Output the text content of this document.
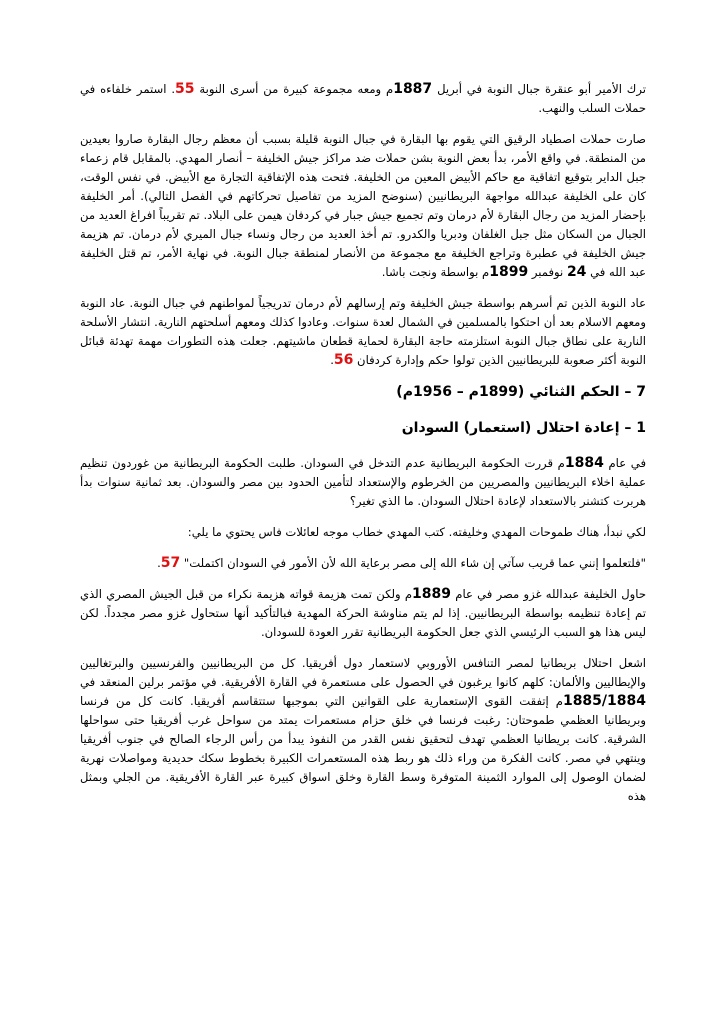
ترك الأمير أبو عنقرة جبال النوبة في أبريل 1887م ومعه مجموعة كبيرة من أسرى النوبة 55. استمر خلفاءه في حملات السلب والنهب.

صارت حملات اصطياد الرقيق التي يقوم بها البقارة في جبال النوبة قليلة بسبب أن معظم رجال البقارة صاروا بعيدين من المنطقة. في واقع الأمر، بدأ بعض النوبة بشن حملات ضد مراكز جيش الخليفة – أنصار المهدي. بالمقابل قام زعماء جبل الداير بتوقيع اتفاقية مع حاكم الأبيض المعين من الخليفة. فتحت هذه الإتفاقية التجارة مع الأبيض. في نفس الوقت، كان على الخليفة عبدالله مواجهة البريطانيين (سنوضح المزيد من تفاصيل تحركاتهم في الفصل التالي). أمر الخليفة بإحضار المزيد من رجال البقارة لأم درمان وتم تجميع جيش جبار في كردفان هيمن على البلاد. تم تقريباً افراغ العديد من الجبال من السكان مثل جبل الغلفان ودبريا والكدرو. تم أخذ العديد من رجال ونساء جبال الميري لأم درمان. تم هزيمة جيش الخليفة في عطبرة وتراجع الخليفة مع مجموعة من الأنصار لمنطقة جبال النوبة. في نهاية الأمر، تم قتل الخليفة عبد الله في 24 نوفمبر 1899م بواسطة ونجت باشا.

عاد النوبة الذين تم أسرهم بواسطة جيش الخليفة وتم إرسالهم لأم درمان تدريجياً لمواطنهم في جبال النوبة. عاد النوبة ومعهم الاسلام بعد أن احتكوا بالمسلمين في الشمال لعدة سنوات. وعادوا كذلك ومعهم أسلحتهم النارية. انتشار الأسلحة النارية على نطاق جبال النوبة استلزمته حاجة البقارة لحماية قطعان ماشيتهم. جعلت هذه التطورات مهمة تهدئة قبائل النوبة أكثر صعوبة للبريطانيين الذين تولوا حكم وإدارة كردفان 56.

7 – الحكم الثنائي (1899م – 1956م)
1 – إعادة احتلال (استعمار) السودان

في عام 1884م قررت الحكومة البريطانية عدم التدخل في السودان. طلبت الحكومة البريطانية من غوردون تنظيم عملية اخلاء البريطانيين والمصريين من الخرطوم والإستعداد لتأمين الحدود بين مصر والسودان. بعد ثمانية سنوات بدأ هربرت كتشنر بالاستعداد لإعادة احتلال السودان. ما الذي تغير؟

لكي نبدأ، هناك طموحات المهدي وخليفته. كتب المهدي خطاب موجه لعائلات فاس يحتوي ما يلي:

"فلتعلموا إنني عما قريب سآتي إن شاء الله إلى مصر برعاية الله لأن الأمور في السودان اكتملت" 57.

حاول الخليفة عبدالله غزو مصر في عام 1889م ولكن تمت هزيمة قواته هزيمة نكراء من قبل الجيش المصري الذي تم إعادة تنظيمه بواسطة البريطانيين. إذا لم يتم مناوشة الحركة المهدية فبالتأكيد أنها ستحاول غزو مصر مجدداً. لكن ليس هذا هو السبب الرئيسي الذي جعل الحكومة البريطانية تقرر العودة للسودان.

اشعل احتلال بريطانيا لمصر التنافس الأوروبي لاستعمار دول أفريقيا. كل من البريطانيين والفرنسيين والبرتغاليين والإيطاليين والألمان: كلهم كانوا يرغبون في الحصول على مستعمرة في القارة الأفريقية. في مؤتمر برلين المنعقد في 1885/1884م إتفقت القوى الإستعمارية على القوانين التي بموجبها ستتقاسم أفريقيا. كانت كل من فرنسا وبريطانيا العظمي طموحتان: رغبت فرنسا في خلق حزام مستعمرات يمتد من سواحل غرب أفريقيا حتى سواحلها الشرقية. كانت بريطانيا العظمي تهدف لتحقيق نفس القدر من النفوذ يبدأ من رأس الرجاء الصالح في جنوب أفريقيا وينتهي في مصر. كانت الفكرة من وراء ذلك هو ربط هذه المستعمرات الكبيرة بخطوط سكك حديدية ومواصلات نهرية لضمان الوصول إلى الموارد الثمينة المتوفرة وسط القارة وخلق اسواق كبيرة عبر القارة الأفريقية. من الجلي وبمثل هذه
